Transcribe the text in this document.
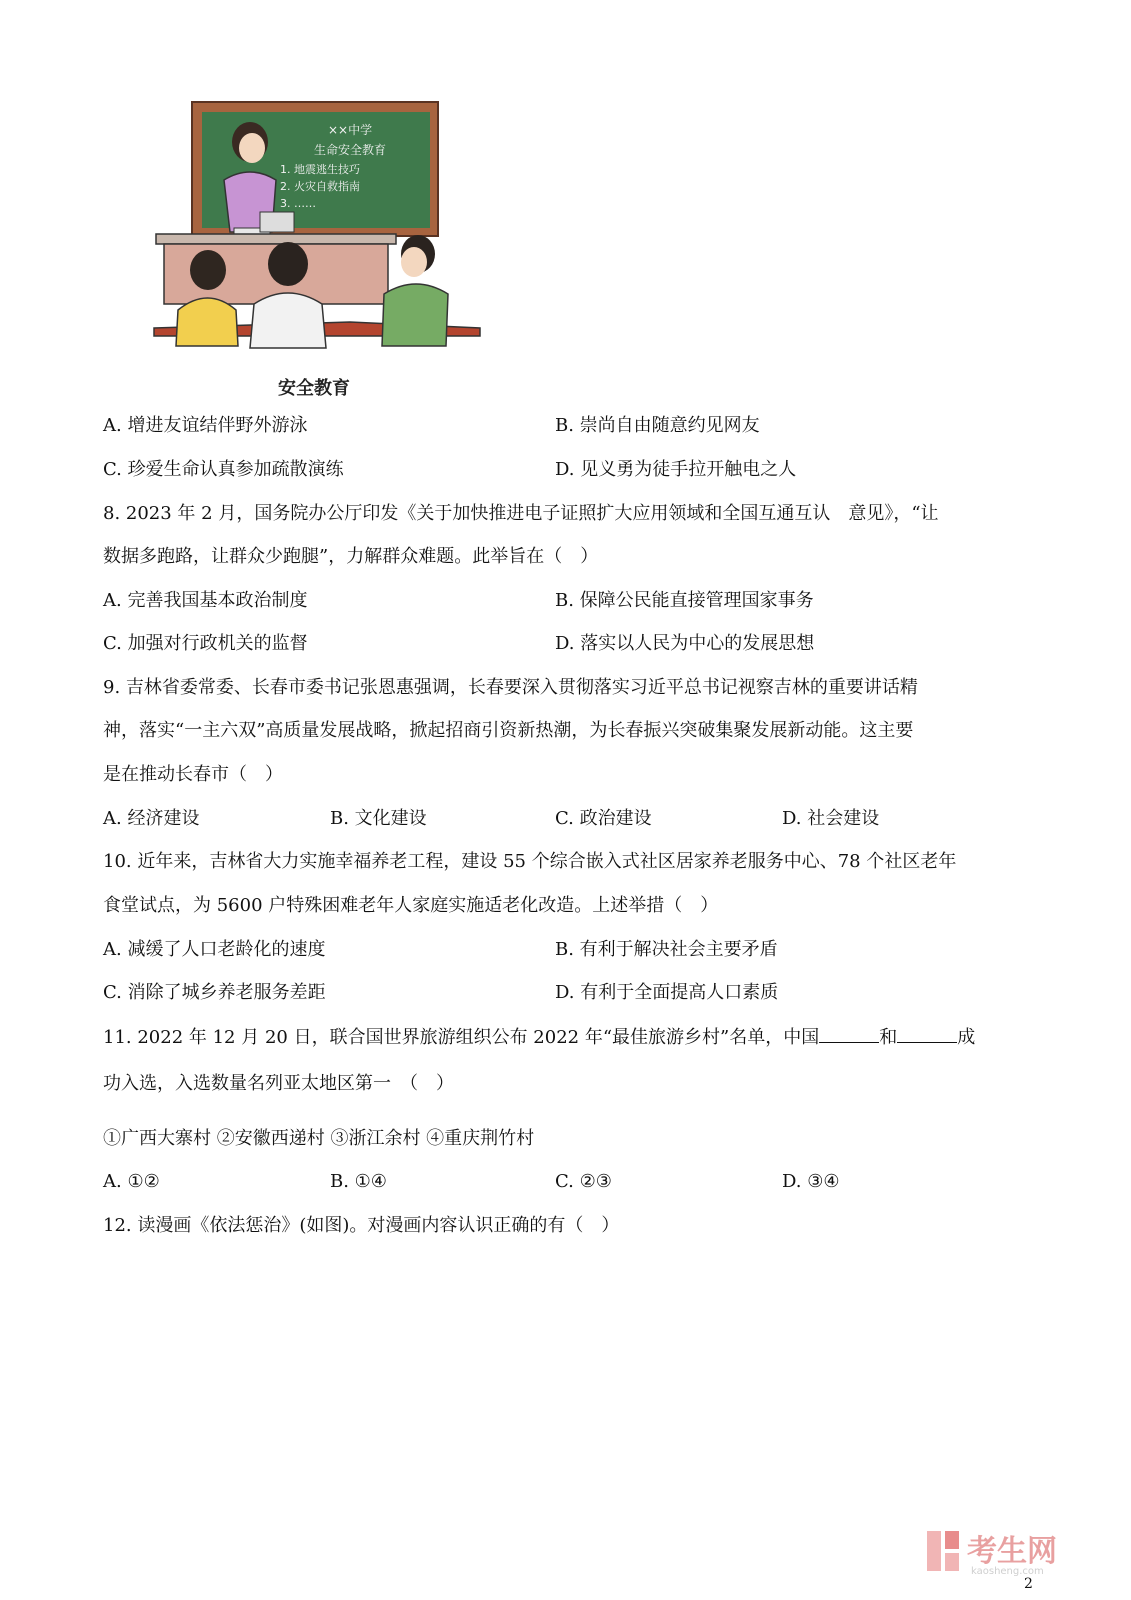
××中学
生命安全教育
1. 地震逃生技巧
2. 火灾自救指南
3. ……
安全教育
A. 增进友谊结伴野外游泳	B. 崇尚自由随意约见网友
C. 珍爱生命认真参加疏散演练	D. 见义勇为徒手拉开触电之人
8. 2023 年 2 月，国务院办公厅印发《关于加快推进电子证照扩大应用领域和全国互通互认　意见》，“让
数据多跑路，让群众少跑腿”，力解群众难题。此举旨在（　）
A. 完善我国基本政治制度	B. 保障公民能直接管理国家事务
C. 加强对行政机关的监督	D. 落实以人民为中心的发展思想
9. 吉林省委常委、长春市委书记张恩惠强调，长春要深入贯彻落实习近平总书记视察吉林的重要讲话精
神，落实“一主六双”高质量发展战略，掀起招商引资新热潮，为长春振兴突破集聚发展新动能。这主要
是在推动长春市（　）
A. 经济建设	B. 文化建设	C. 政治建设	D. 社会建设
10. 近年来，吉林省大力实施幸福养老工程，建设 55 个综合嵌入式社区居家养老服务中心、78 个社区老年
食堂试点，为 5600 户特殊困难老年人家庭实施适老化改造。上述举措（　）
A. 减缓了人口老龄化的速度	B. 有利于解决社会主要矛盾
C. 消除了城乡养老服务差距	D. 有利于全面提高人口素质
11. 2022 年 12 月 20 日，联合国世界旅游组织公布 2022 年“最佳旅游乡村”名单，中国	和	成
功入选，入选数量名列亚太地区第一　（　）
①广西大寨村 ②安徽西递村 ③浙江余村 ④重庆荆竹村
A. ①②	B. ①④	C. ②③	D. ③④
12. 读漫画《依法惩治》(如图)。对漫画内容认识正确的有（　）
考生网
kaosheng.com
2
